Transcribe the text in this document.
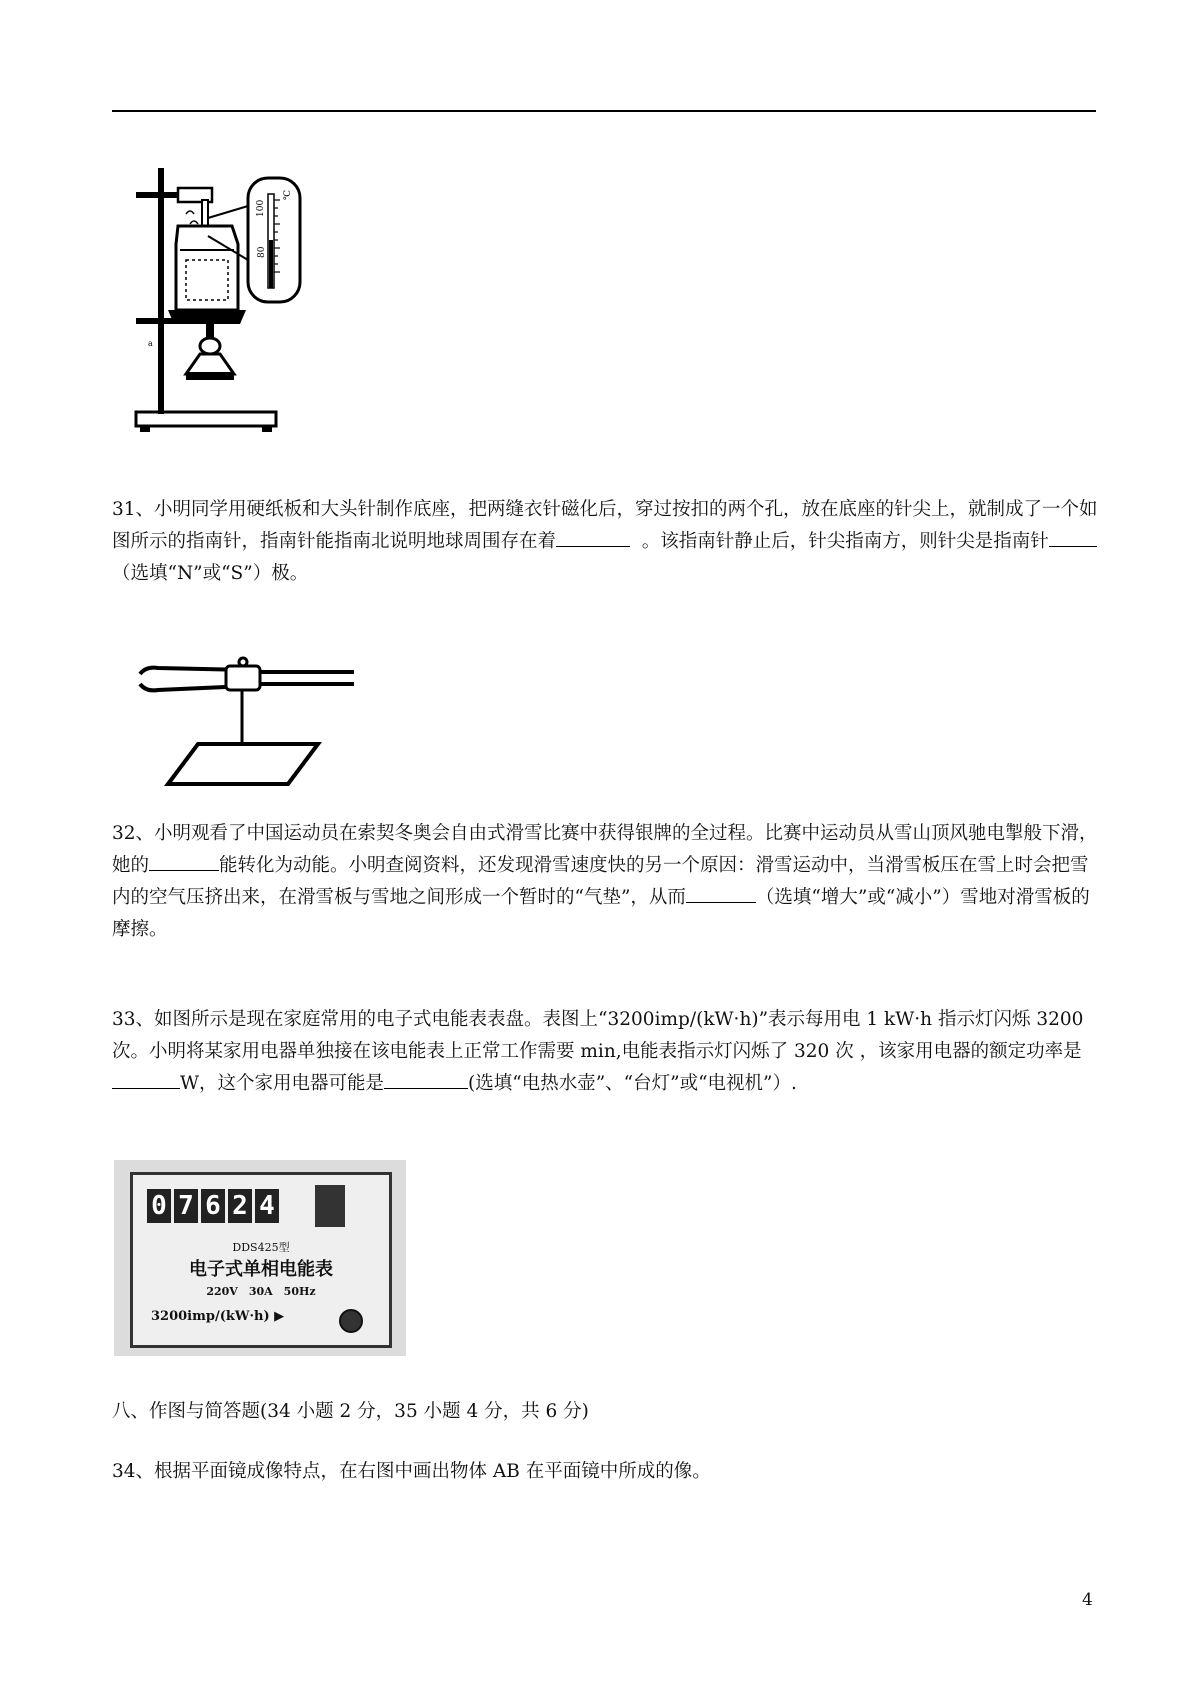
a
100
80
℃

31、小明同学用硬纸板和大头针制作底座，把两缝衣针磁化后，穿过按扣的两个孔，放在底座的针尖上，就制成了一个如图所示的指南针，指南针能指南北说明地球周围存在着	。该指南针静止后，针尖指南方，则针尖是指南针（选填“N”或“S”）极。

32、小明观看了中国运动员在索契冬奥会自由式滑雪比赛中获得银牌的全过程。比赛中运动员从雪山顶风驰电掣般下滑，她的	能转化为动能。小明查阅资料，还发现滑雪速度快的另一个原因：滑雪运动中，当滑雪板压在雪上时会把雪内的空气压挤出来，在滑雪板与雪地之间形成一个暂时的“气垫”，从而	（选填“增大”或“减小”）雪地对滑雪板的摩擦。

33、如图所示是现在家庭常用的电子式电能表表盘。表图上“3200imp/(kW·h)”表示每用电 1 kW·h 指示灯闪烁 3200 次。小明将某家用电器单独接在该电能表上正常工作需要 min,电能表指示灯闪烁了 320 次 ，该家用电器的额定功率是W，这个家用电器可能是	(选填“电热水壶”、“台灯”或“电视机”）.

0 7 6 2 4
DDS425型
电子式单相电能表
220V　30A　50Hz
3200imp/(kW·h) ▶

八、作图与简答题(34 小题 2 分，35 小题 4 分，共 6 分)

34、根据平面镜成像特点，在右图中画出物体 AB 在平面镜中所成的像。

4
